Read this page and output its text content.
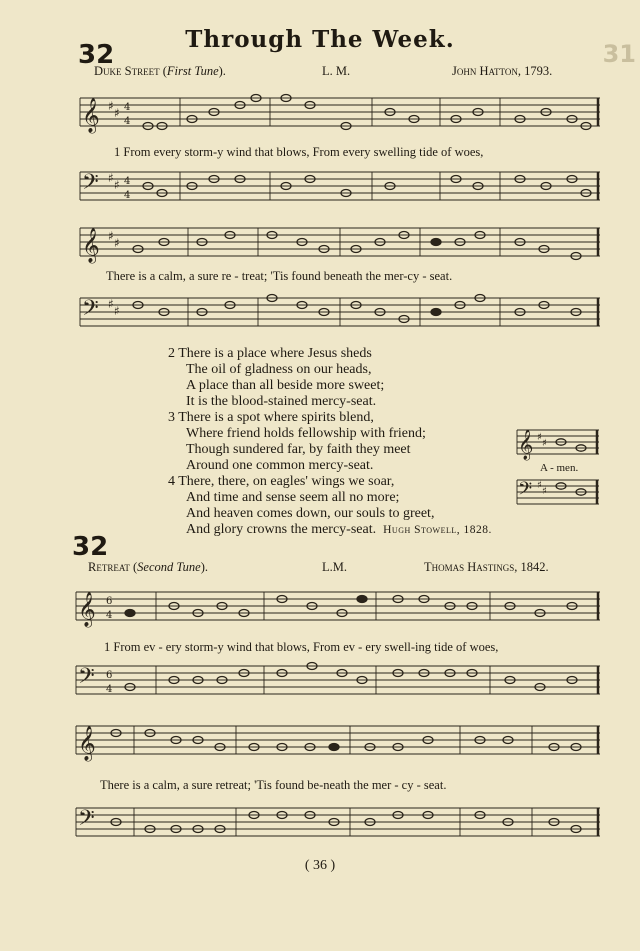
Through The Week.
31
32
Duke Street (First Tune).	L. M.	John Hatton, 1793.
𝄞 ♯ ♯ 4
4
1 From every storm-y wind that blows, From every swelling tide of woes,
𝄢 ♯ ♯ 4
4
𝄞 ♯ ♯
There is a calm, a sure re - treat; 'Tis found beneath the mer-cy - seat.
𝄢 ♯ ♯
2 There is a place where Jesus sheds
The oil of gladness on our heads,
A place than all beside more sweet;
It is the blood-stained mercy-seat.
3 There is a spot where spirits blend,
Where friend holds fellowship with friend;
Though sundered far, by faith they meet
Around one common mercy-seat.
4 There, there, on eagles' wings we soar,
And time and sense seem all no more;
And heaven comes down, our souls to greet,
And glory crowns the mercy-seat. Hugh Stowell, 1828.
𝄞 ♯
♯
A - men.
𝄢 ♯
♯
32
Retreat (Second Tune).	L.M.	Thomas Hastings, 1842.
𝄞 6
4
1 From ev - ery storm-y wind that blows, From ev - ery swell-ing tide of woes,
𝄢 6
4
𝄞
There is a calm, a sure retreat; 'Tis found be-neath the mer - cy - seat.
𝄢
( 36 )
